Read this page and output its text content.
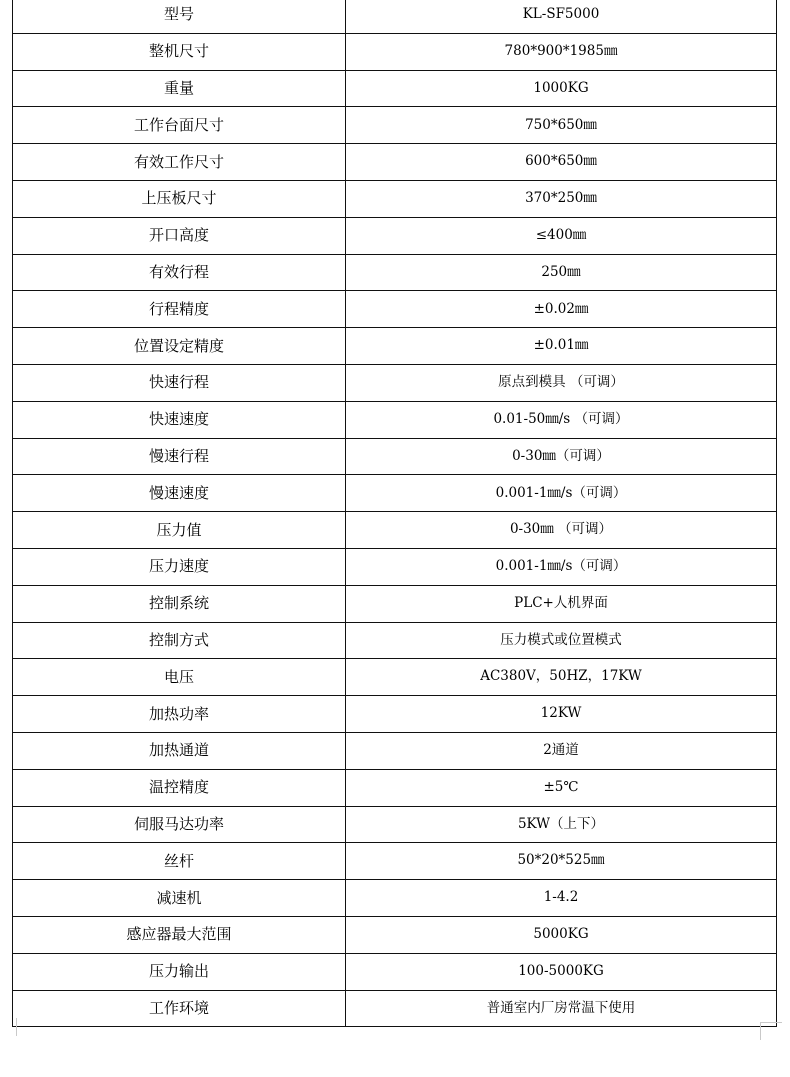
型号	KL-SF5000
整机尺寸	780*900*1985㎜
重量	1000KG
工作台面尺寸	750*650㎜
有效工作尺寸	600*650㎜
上压板尺寸	370*250㎜
开口高度	≤400㎜
有效行程	250㎜
行程精度	±0.02㎜
位置设定精度	±0.01㎜
快速行程	原点到模具 （可调）
快速速度	0.01-50㎜/s （可调）
慢速行程	0-30㎜（可调）
慢速速度	0.001-1㎜/s（可调）
压力值	0-30㎜ （可调）
压力速度	0.001-1㎜/s（可调）
控制系统	PLC+人机界面
控制方式	压力模式或位置模式
电压	AC380V，50HZ，17KW
加热功率	12KW
加热通道	2通道
温控精度	±5℃
伺服马达功率	5KW（上下）
丝杆	50*20*525㎜
减速机	1-4.2
感应器最大范围	5000KG
压力输出	100-5000KG
工作环境	普通室内厂房常温下使用
